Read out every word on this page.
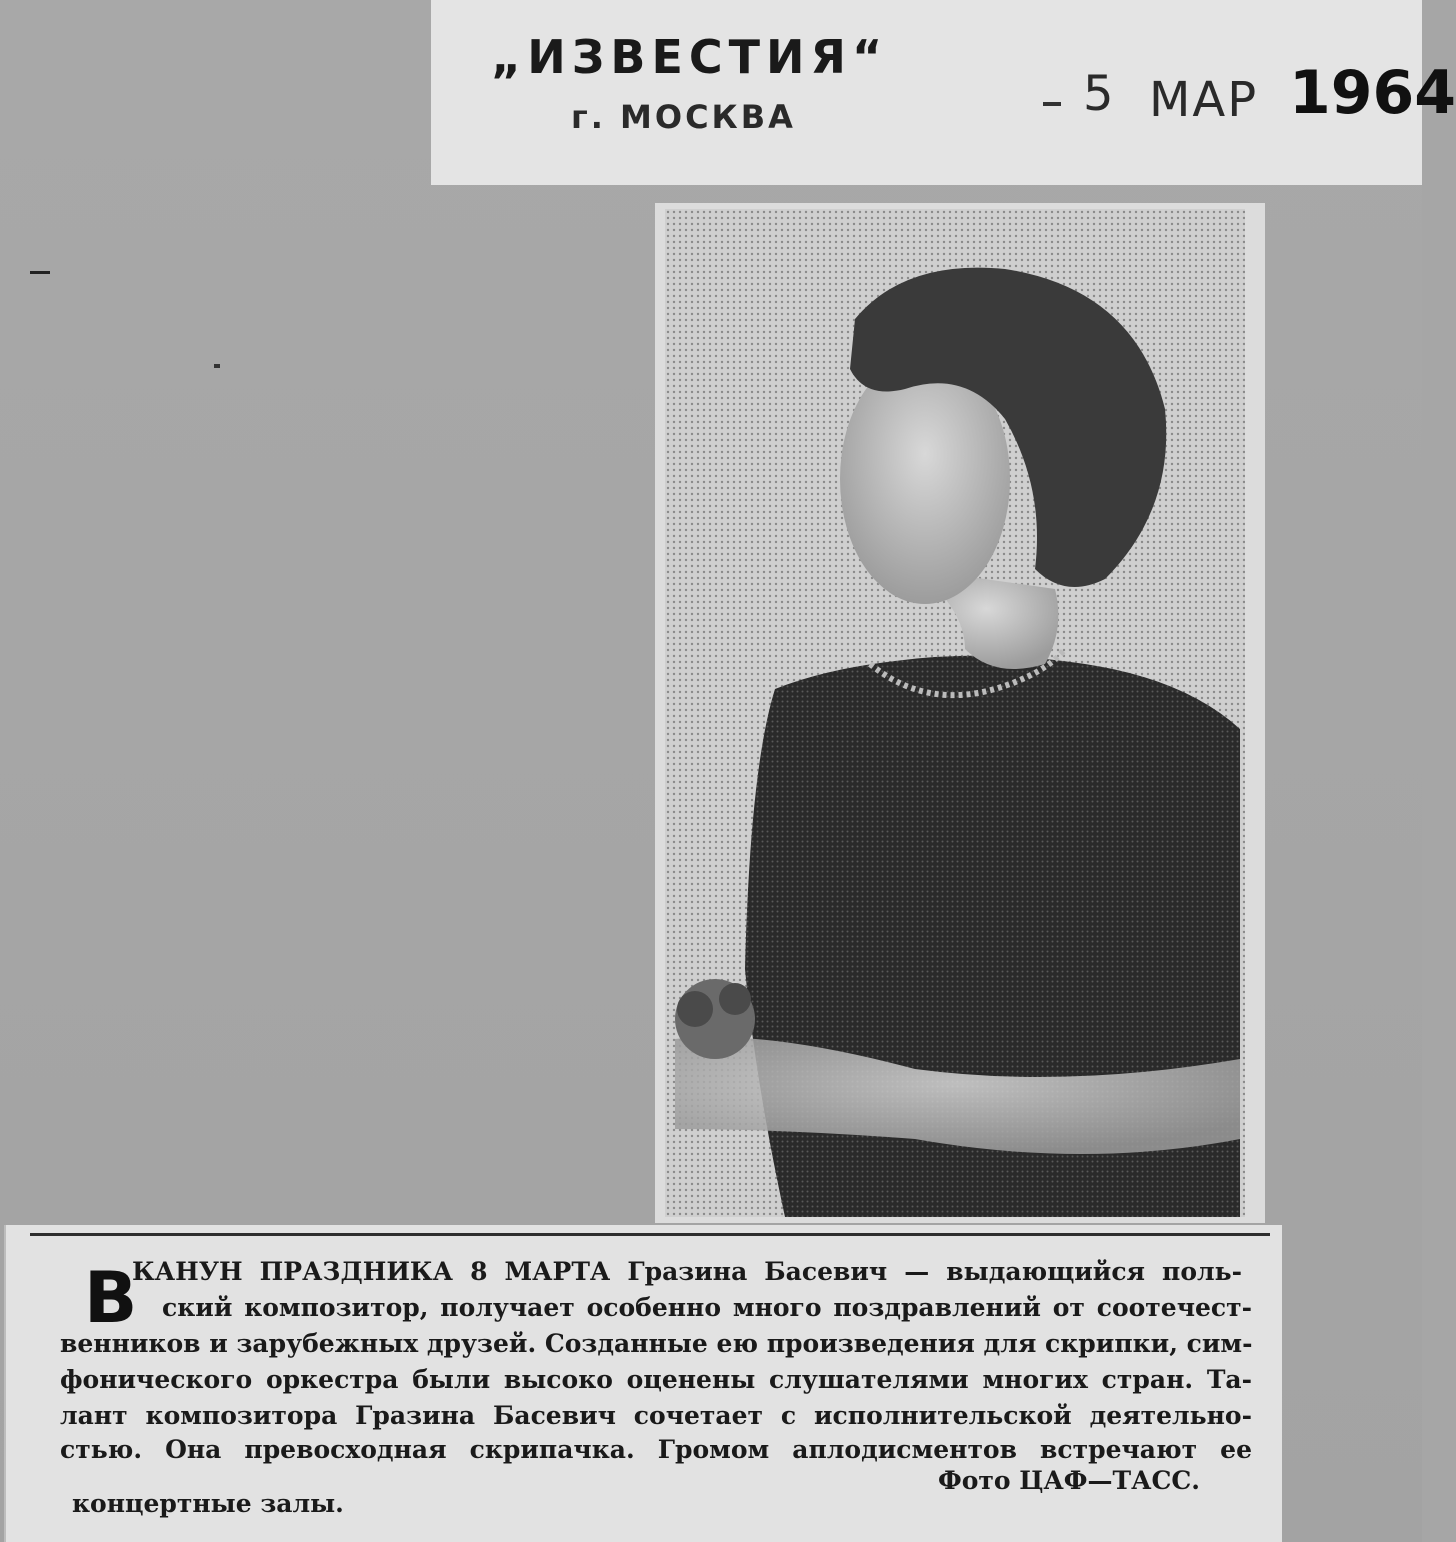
„ИЗВЕСТИЯ“
г. МОСКВА	5 МАР 1964
В
КАНУН ПРАЗДНИКА 8 МАРТА Гразина Басевич — выдающийся поль-
ский композитор, получает особенно много поздравлений от соотечест-
венников и зарубежных друзей. Созданные ею произведения для скрипки, сим-
фонического оркестра были высоко оценены слушателями многих стран. Та-
лант композитора Гразина Басевич сочетает с исполнительской деятельно-
стью. Она превосходная скрипачка. Громом аплодисментов встречают ее
концертные залы.
Фото ЦАФ—ТАСС.
